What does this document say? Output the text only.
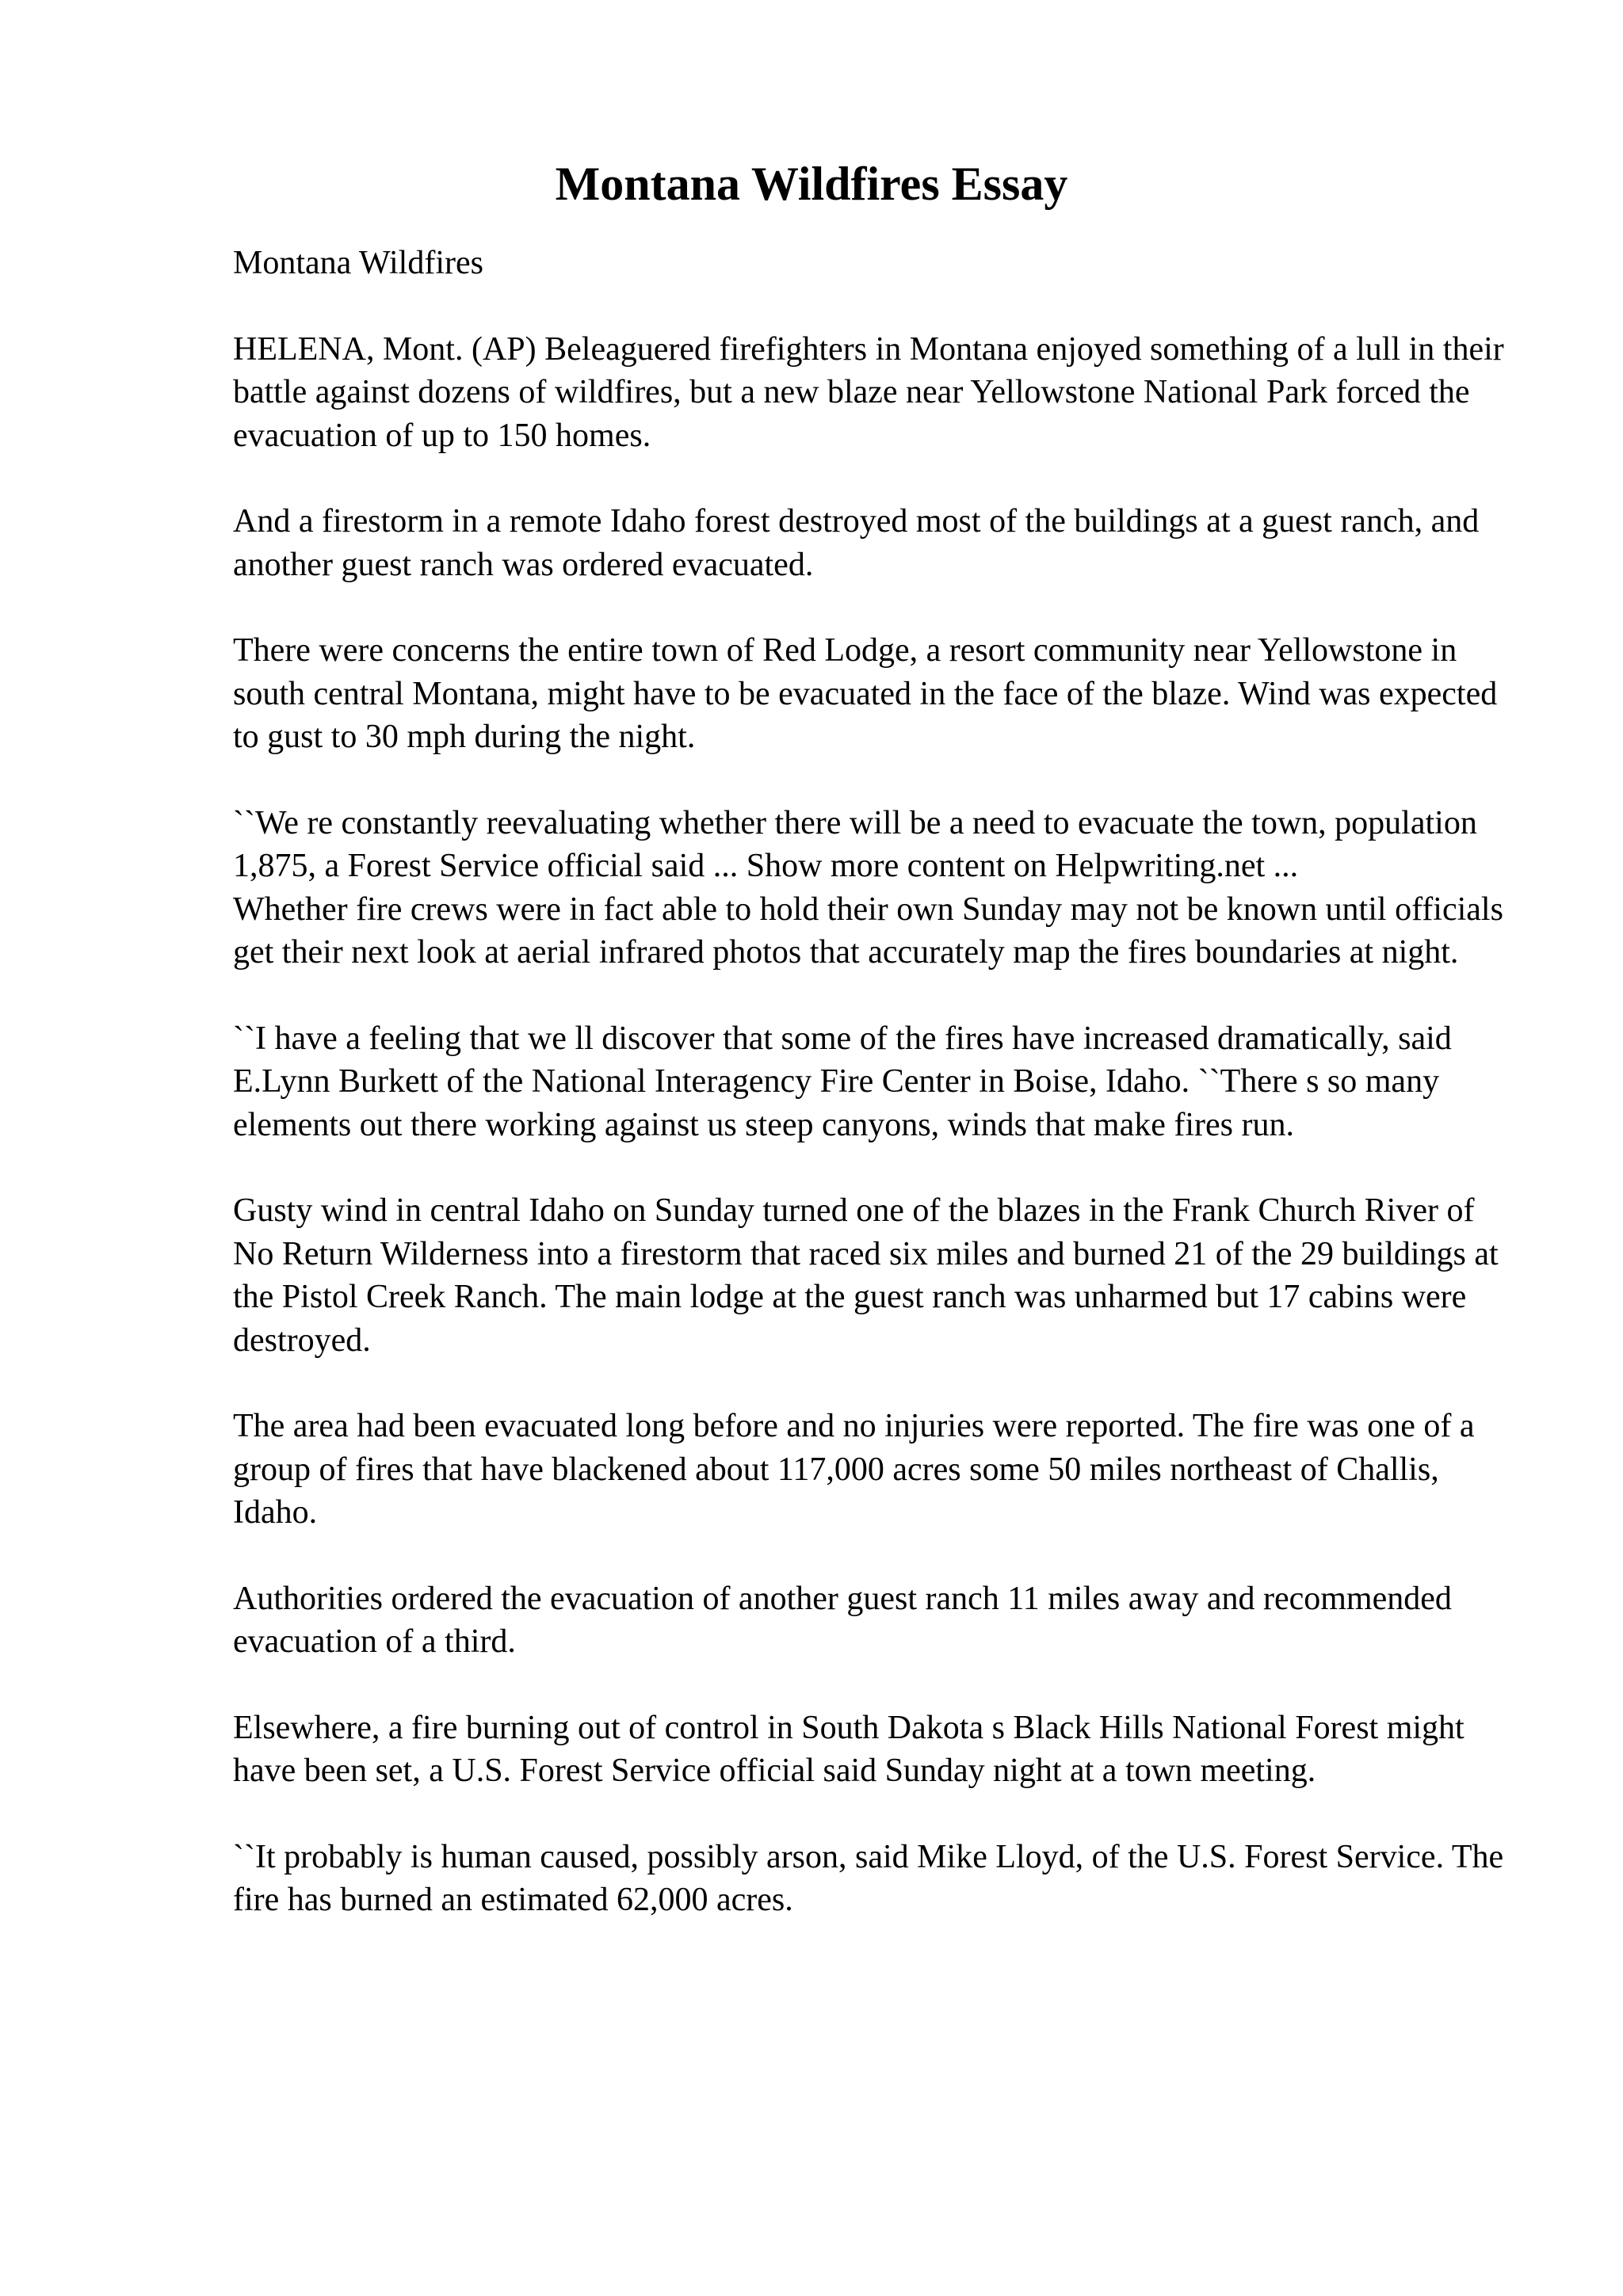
Montana Wildfires Essay

Montana Wildfires

HELENA, Mont. (AP) Beleaguered firefighters in Montana enjoyed something of a lull in their battle against dozens of wildfires, but a new blaze near Yellowstone National Park forced the evacuation of up to 150 homes.

And a firestorm in a remote Idaho forest destroyed most of the buildings at a guest ranch, and another guest ranch was ordered evacuated.

There were concerns the entire town of Red Lodge, a resort community near Yellowstone in south central Montana, might have to be evacuated in the face of the blaze. Wind was expected to gust to 30 mph during the night.

``We re constantly reevaluating whether there will be a need to evacuate the town, population 1,875, a Forest Service official said ... Show more content on Helpwriting.net ...

Whether fire crews were in fact able to hold their own Sunday may not be known until officials get their next look at aerial infrared photos that accurately map the fires boundaries at night.

``I have a feeling that we ll discover that some of the fires have increased dramatically, said E.Lynn Burkett of the National Interagency Fire Center in Boise, Idaho. ``There s so many elements out there working against us steep canyons, winds that make fires run.

Gusty wind in central Idaho on Sunday turned one of the blazes in the Frank Church River of No Return Wilderness into a firestorm that raced six miles and burned 21 of the 29 buildings at the Pistol Creek Ranch. The main lodge at the guest ranch was unharmed but 17 cabins were destroyed.

The area had been evacuated long before and no injuries were reported. The fire was one of a group of fires that have blackened about 117,000 acres some 50 miles northeast of Challis, Idaho.

Authorities ordered the evacuation of another guest ranch 11 miles away and recommended evacuation of a third.

Elsewhere, a fire burning out of control in South Dakota s Black Hills National Forest might have been set, a U.S. Forest Service official said Sunday night at a town meeting.

``It probably is human caused, possibly arson, said Mike Lloyd, of the U.S. Forest Service. The fire has burned an estimated 62,000 acres.
